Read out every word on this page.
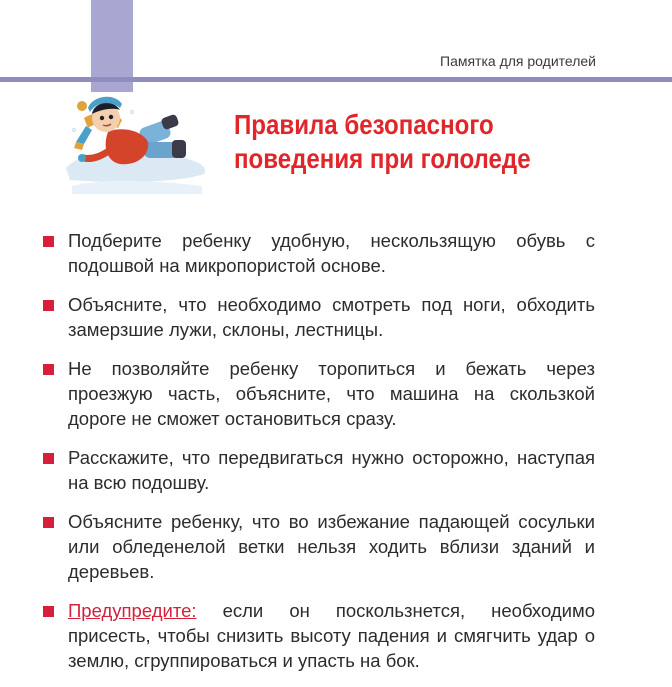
Памятка для родителей
Правила безопасного
поведения при гололеде
Подберите ребенку удобную, нескользящую обувь с подошвой на микропористой основе.
Объясните, что необходимо смотреть под ноги, обходить замерзшие лужи, склоны, лестницы.
Не позволяйте ребенку торопиться и бежать через проезжую часть, объясните, что машина на скользкой дороге не сможет остановиться сразу.
Расскажите, что передвигаться нужно осторожно, наступая на всю подошву.
Объясните ребенку, что во избежание падающей сосульки или обледенелой ветки нельзя ходить вблизи зданий и деревьев.
Предупредите: если он поскользнется, необходимо присесть, чтобы снизить высоту падения и смягчить удар о землю, сгруппироваться и упасть на бок.
